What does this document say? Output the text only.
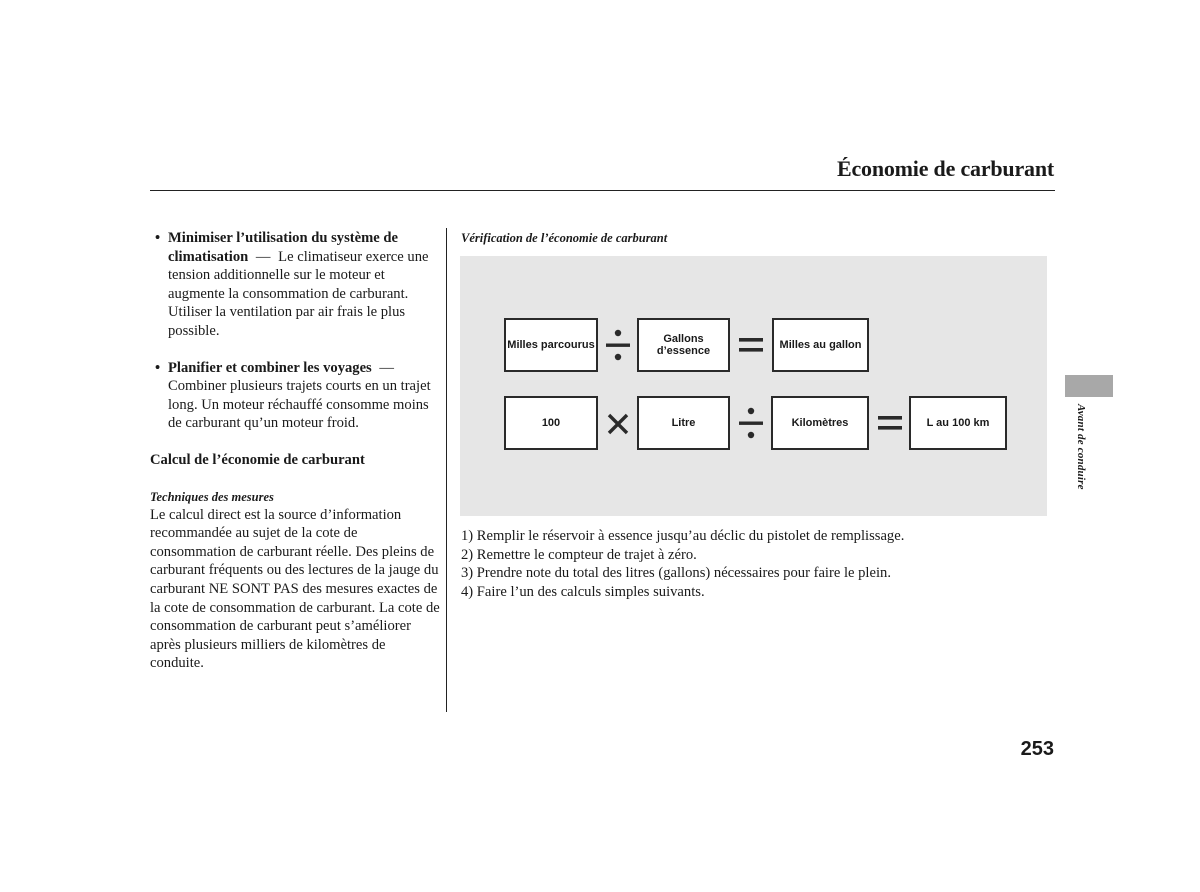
Économie de carburant
• Minimiser l’utilisation du système de climatisation — Le climatiseur exerce une tension additionnelle sur le moteur et augmente la consommation de carburant. Utiliser la ventilation par air frais le plus possible.
• Planifier et combiner les voyages — Combiner plusieurs trajets courts en un trajet long. Un moteur réchauffé consomme moins de carburant qu’un moteur froid.
Calcul de l’économie de carburant
Techniques des mesures
Le calcul direct est la source d’information recommandée au sujet de la cote de consommation de carburant réelle. Des pleins de carburant fréquents ou des lectures de la jauge du carburant NE SONT PAS des mesures exactes de la cote de consommation de carburant. La cote de consommation de carburant peut s’améliorer après plusieurs milliers de kilomètres de conduite.
Vérification de l’économie de carburant
Milles parcourus	Gallons d’essence	Milles au gallon
100	Litre	Kilomètres	L au 100 km
1) Remplir le réservoir à essence jusqu’au déclic du pistolet de remplissage.
2) Remettre le compteur de trajet à zéro.
3) Prendre note du total des litres (gallons) nécessaires pour faire le plein.
4) Faire l’un des calculs simples suivants.
Avant de conduire
253
